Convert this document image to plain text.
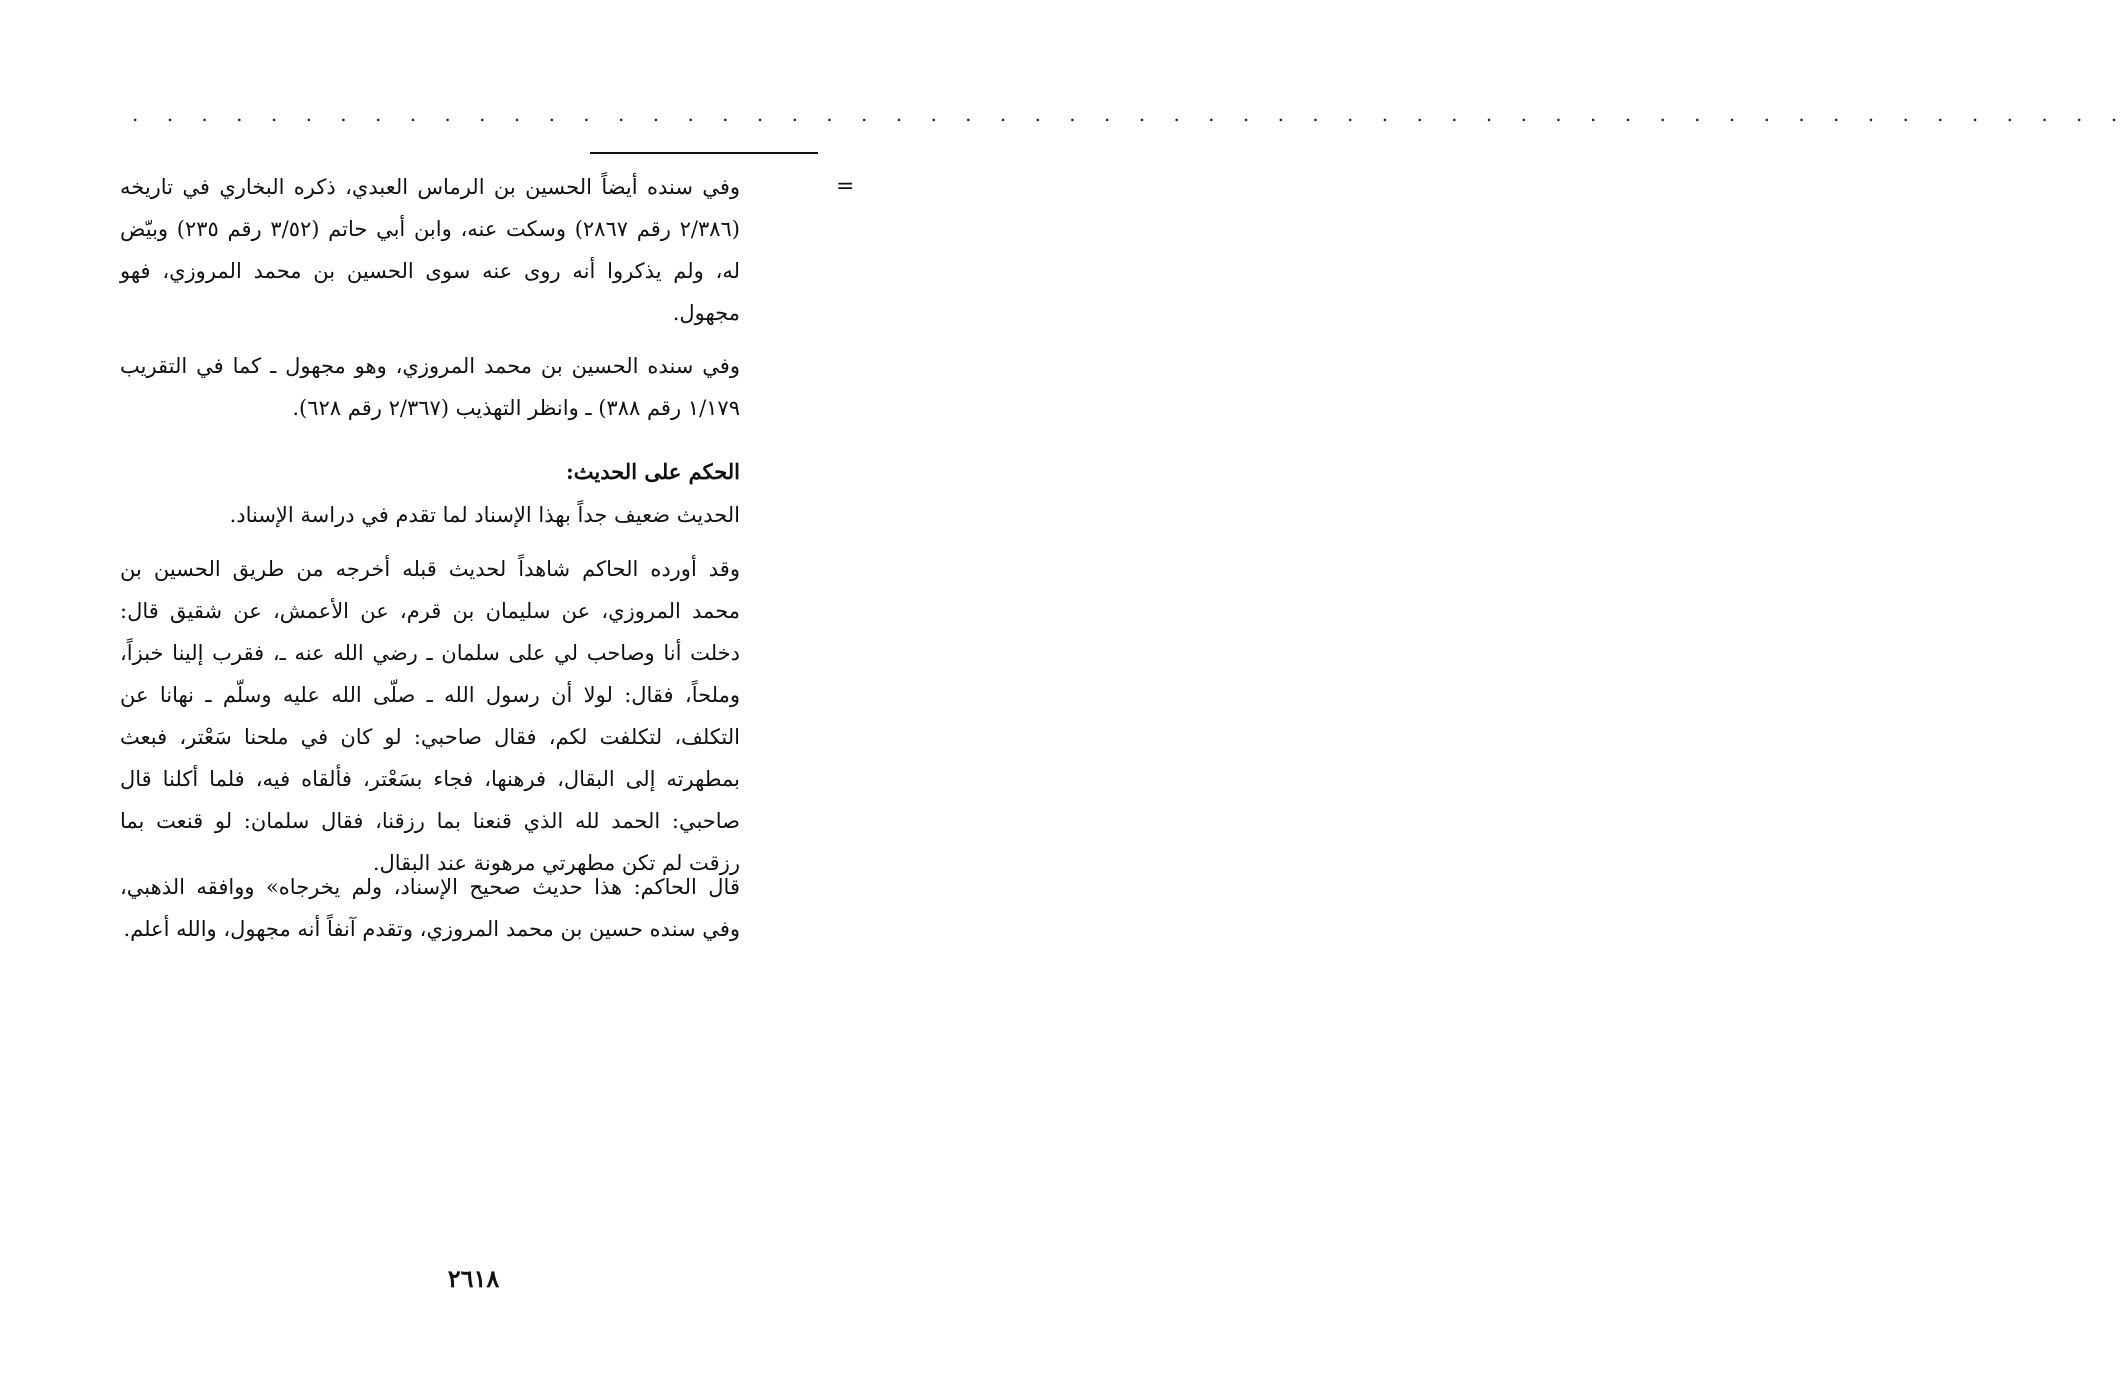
. . . . . . . . . . . . . . . . . . . . . . . . . . . . . . . . . . . . . . . . . . . . . . . . . . . . . . . . . .
=

وفي سنده أيضاً الحسين بن الرماس العبدي، ذكره البخاري في تاريخه (٢/٣٨٦ رقم ٢٨٦٧) وسكت عنه، وابن أبي حاتم (٣/٥٢ رقم ٢٣٥) وبيّض له، ولم يذكروا أنه روى عنه سوى الحسين بن محمد المروزي، فهو مجهول.

وفي سنده الحسين بن محمد المروزي، وهو مجهول ـ كما في التقريب ١/١٧٩ رقم ٣٨٨) ـ وانظر التهذيب (٢/٣٦٧ رقم ٦٢٨).

الحكم على الحديث:

الحديث ضعيف جداً بهذا الإسناد لما تقدم في دراسة الإسناد.

وقد أورده الحاكم شاهداً لحديث قبله أخرجه من طريق الحسين بن محمد المروزي، عن سليمان بن قرم، عن الأعمش، عن شقيق قال: دخلت أنا وصاحب لي على سلمان ـ رضي الله عنه ـ، فقرب إلينا خبزاً، وملحاً، فقال: لولا أن رسول الله ـ صلّى الله عليه وسلّم ـ نهانا عن التكلف، لتكلفت لكم، فقال صاحبي: لو كان في ملحنا سَعْتر، فبعث بمطهرته إلى البقال، فرهنها، فجاء بسَعْتر، فألقاه فيه، فلما أكلنا قال صاحبي: الحمد لله الذي قنعنا بما رزقنا، فقال سلمان: لو قنعت بما رزقت لم تكن مطهرتي مرهونة عند البقال.

قال الحاكم: هذا حديث صحيح الإسناد، ولم يخرجاه» ووافقه الذهبي، وفي سنده حسين بن محمد المروزي، وتقدم آنفاً أنه مجهول، والله أعلم.

٢٦١٨
